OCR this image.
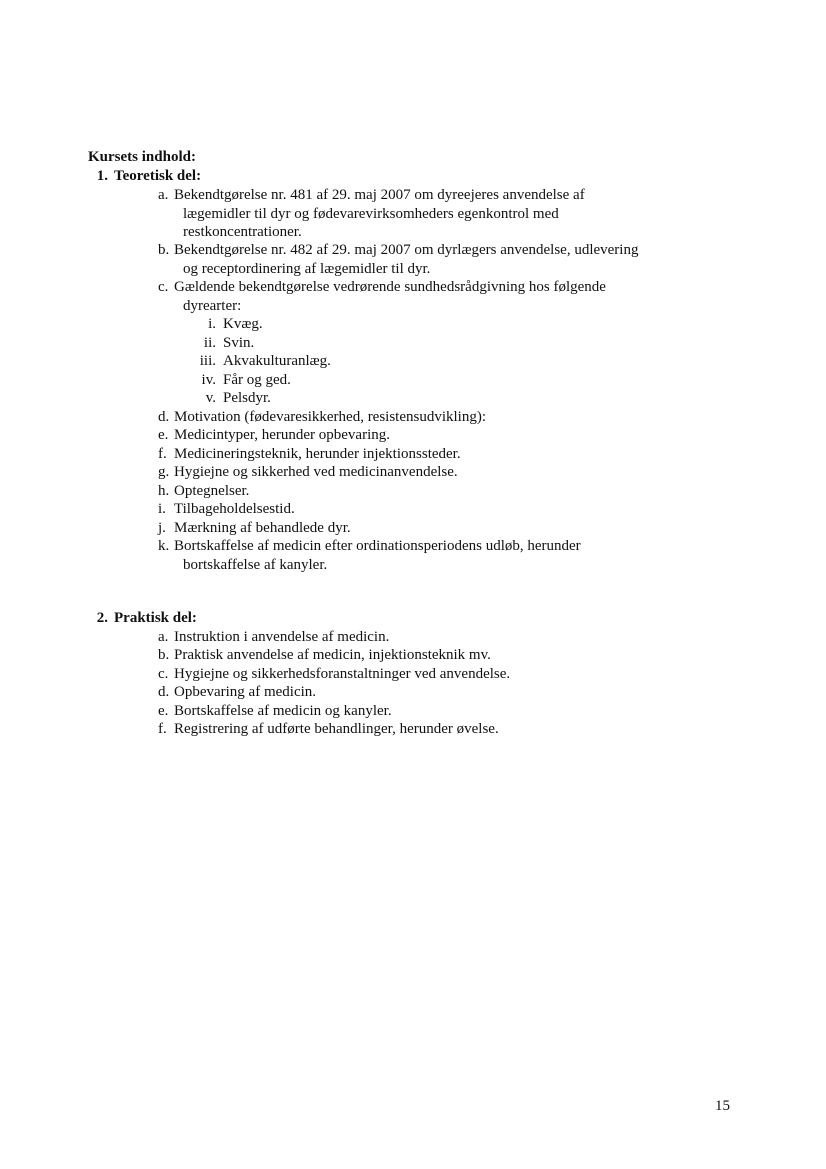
Kursets indhold:
1. Teoretisk del:
a. Bekendtgørelse nr. 481 af 29. maj 2007 om dyreejeres anvendelse af
lægemidler til dyr og fødevarevirksomheders egenkontrol med
restkoncentrationer.
b. Bekendtgørelse nr. 482 af 29. maj 2007 om dyrlægers anvendelse, udlevering
og receptordinering af lægemidler til dyr.
c. Gældende bekendtgørelse vedrørende sundhedsrådgivning hos følgende
dyrearter:
i. Kvæg.
ii. Svin.
iii. Akvakulturanlæg.
iv. Får og ged.
v. Pelsdyr.
d. Motivation (fødevaresikkerhed, resistensudvikling):
e. Medicintyper, herunder opbevaring.
f. Medicineringsteknik, herunder injektionssteder.
g. Hygiejne og sikkerhed ved medicinanvendelse.
h. Optegnelser.
i. Tilbageholdelsestid.
j. Mærkning af behandlede dyr.
k. Bortskaffelse af medicin efter ordinationsperiodens udløb, herunder
bortskaffelse af kanyler.
2. Praktisk del:
a. Instruktion i anvendelse af medicin.
b. Praktisk anvendelse af medicin, injektionsteknik mv.
c. Hygiejne og sikkerhedsforanstaltninger ved anvendelse.
d. Opbevaring af medicin.
e. Bortskaffelse af medicin og kanyler.
f. Registrering af udførte behandlinger, herunder øvelse.
15
